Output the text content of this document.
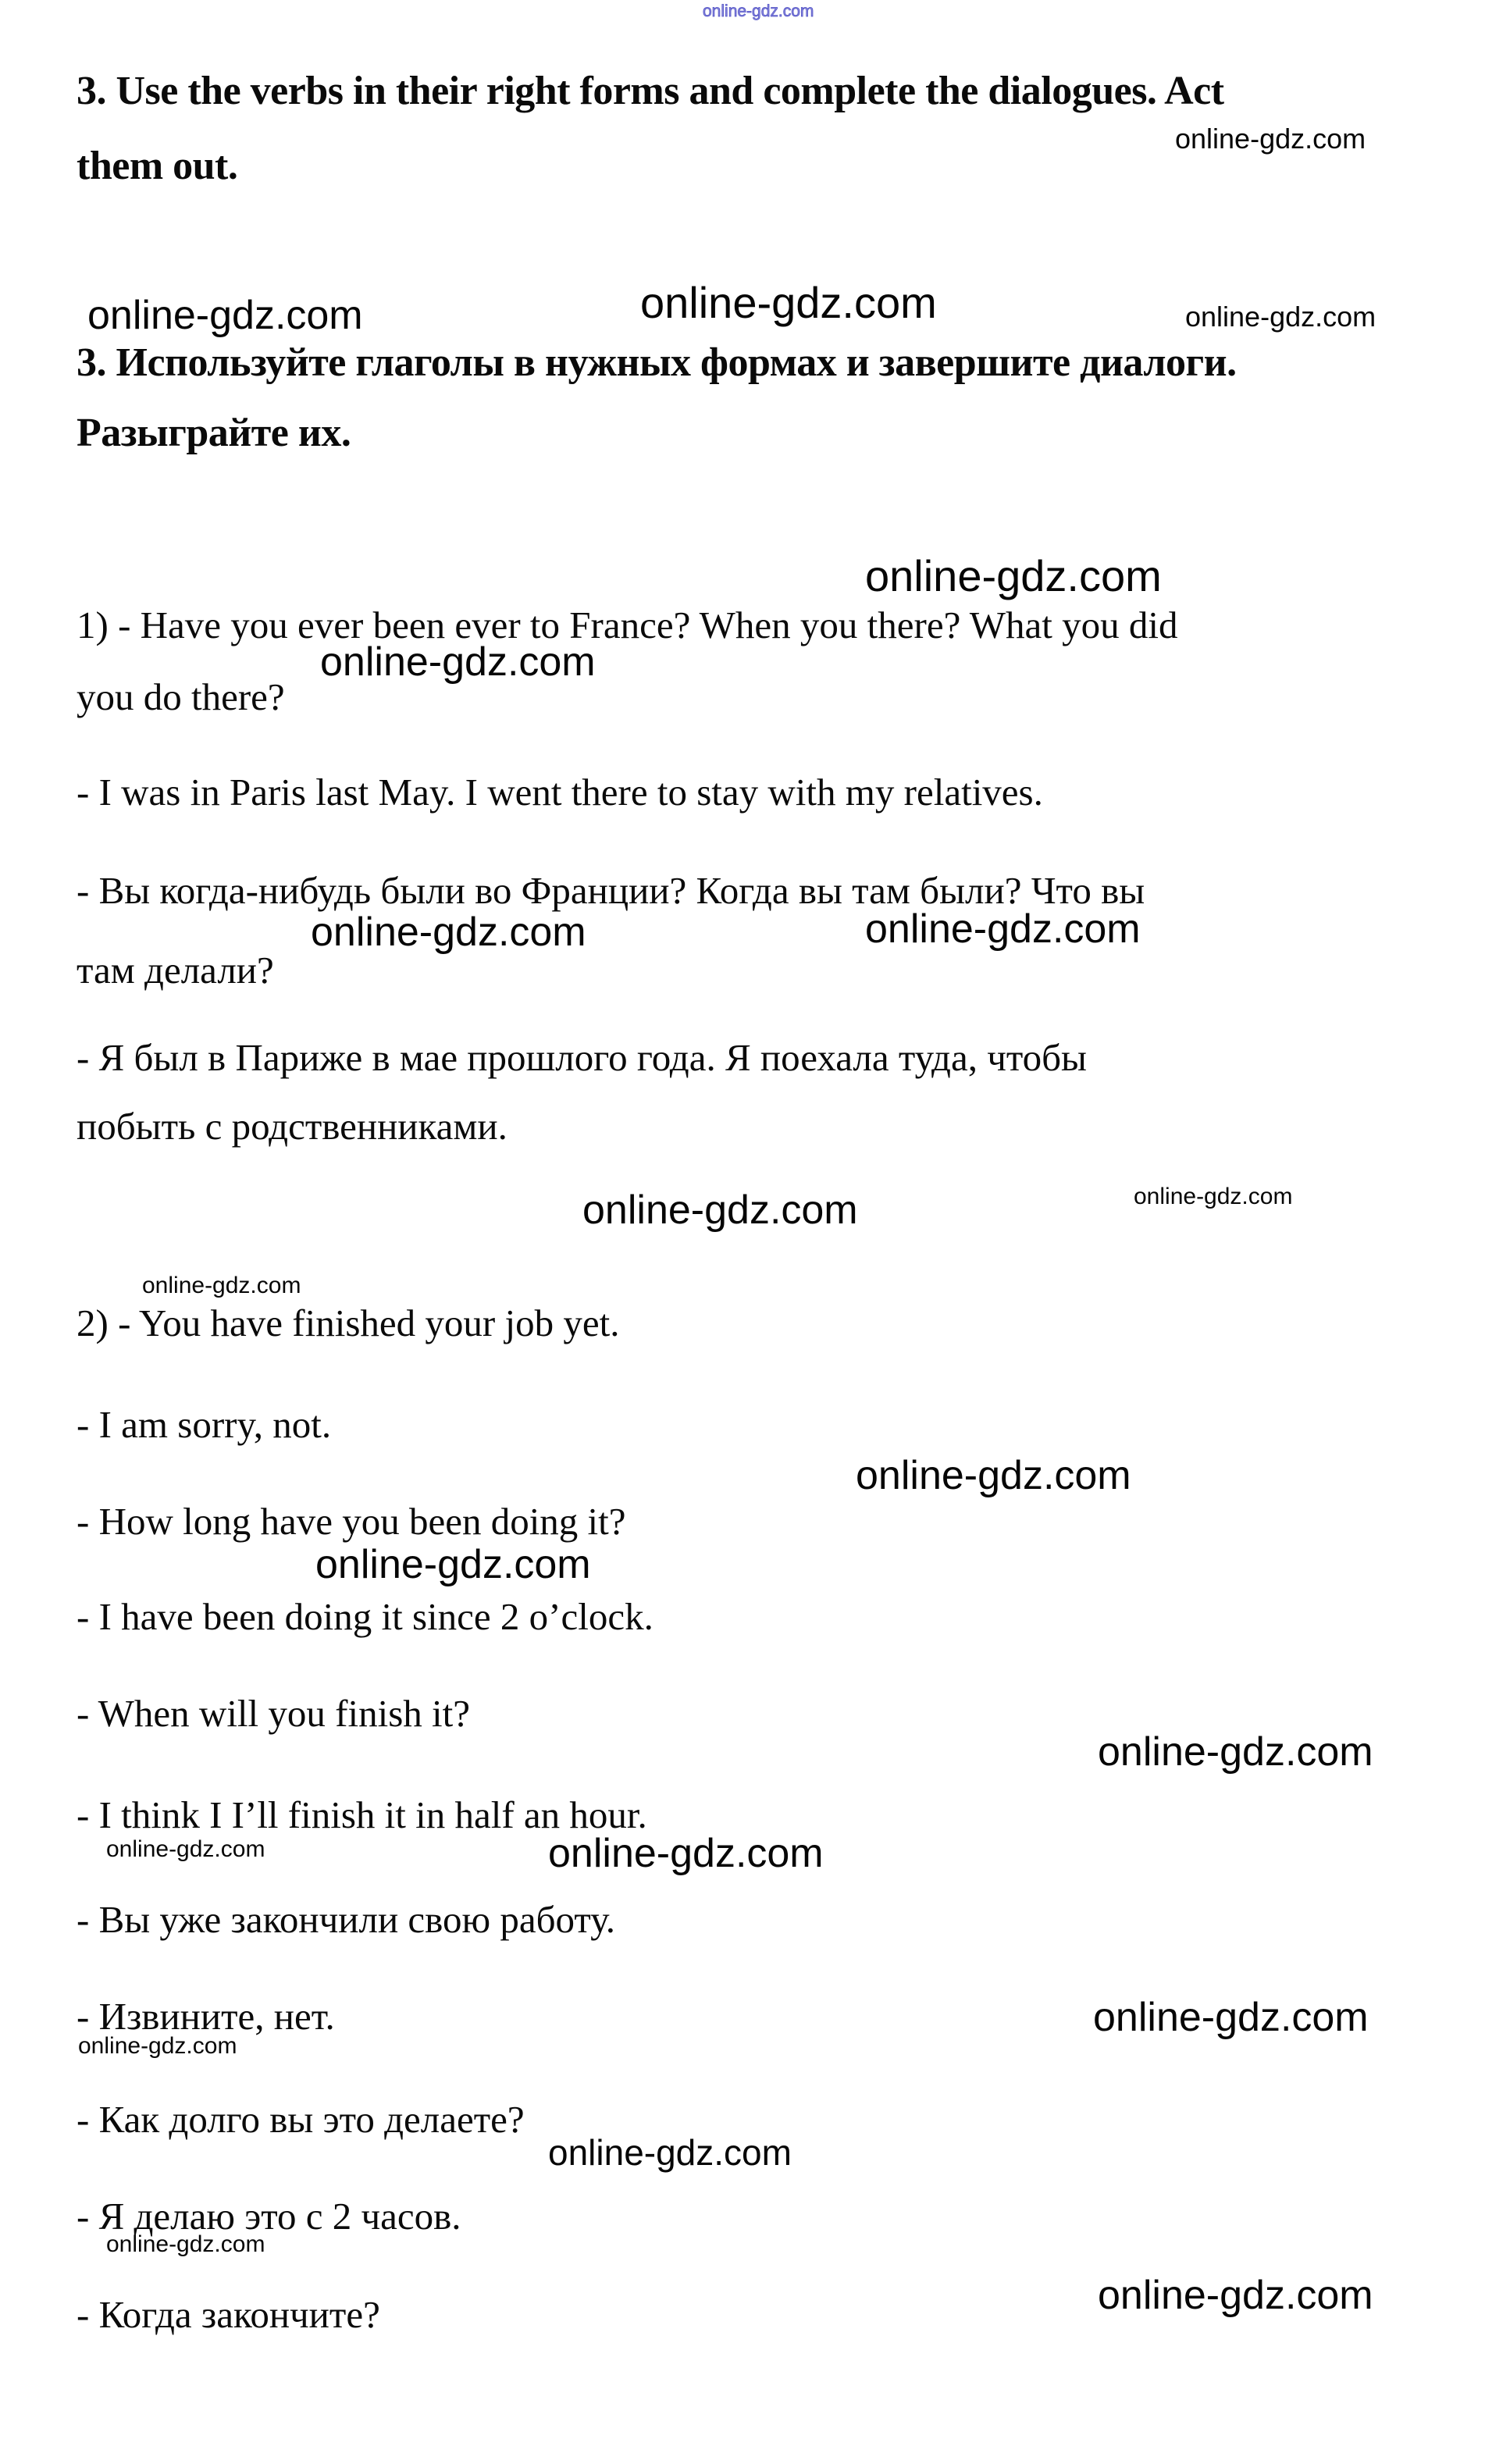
online-gdz.com
3. Use the verbs in their right forms and complete the dialogues. Act
them out.
online-gdz.com
online-gdz.com	online-gdz.com	online-gdz.com
3. Используйте глаголы в нужных формах и завершите диалоги.
Разыграйте их.
online-gdz.com
1) - Have you ever been ever to France? When you there? What you did
online-gdz.com
you do there?
- I was in Paris last May. I went there to stay with my relatives.
- Вы когда-нибудь были во Франции? Когда вы там были? Что вы
online-gdz.com	online-gdz.com
там делали?
- Я был в Париже в мае прошлого года. Я поехала туда, чтобы
побыть с родственниками.
online-gdz.com	online-gdz.com
online-gdz.com
2) - You have finished your job yet.
- I am sorry, not.
online-gdz.com
- How long have you been doing it?
online-gdz.com
- I have been doing it since 2 o’clock.
- When will you finish it?
online-gdz.com
- I think I I’ll finish it in half an hour.
online-gdz.com	online-gdz.com
- Вы уже закончили свою работу.
- Извините, нет.	online-gdz.com
online-gdz.com
- Как долго вы это делаете?
online-gdz.com
- Я делаю это с 2 часов.
online-gdz.com
online-gdz.com
- Когда закончите?
